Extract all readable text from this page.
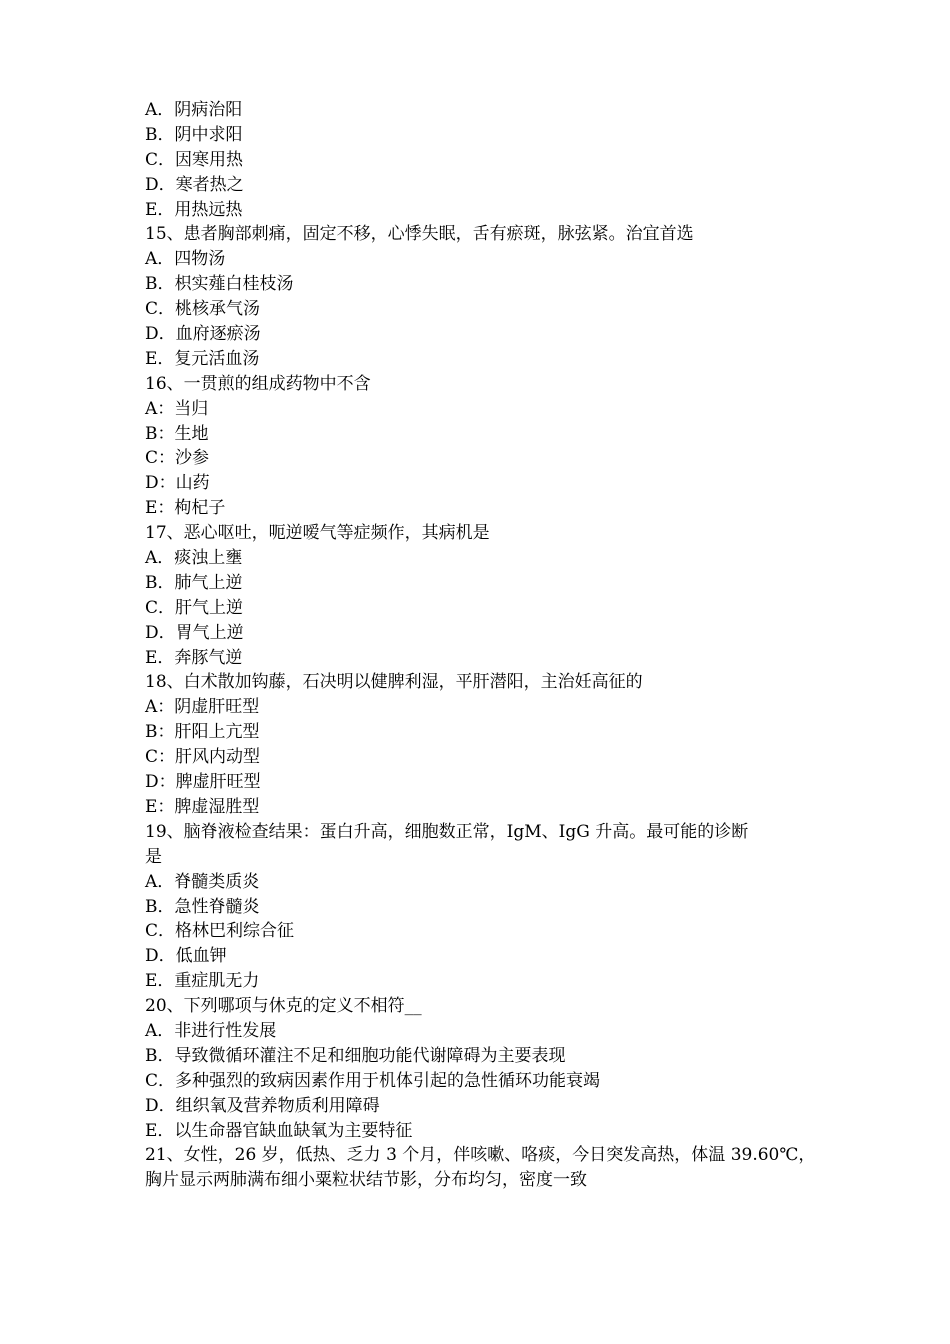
A．阴病治阳
B．阴中求阳
C．因寒用热
D．寒者热之
E．用热远热
15、患者胸部刺痛，固定不移，心悸失眠，舌有瘀斑，脉弦紧。治宜首选
A．四物汤
B．枳实薤白桂枝汤
C．桃核承气汤
D．血府逐瘀汤
E．复元活血汤
16、一贯煎的组成药物中不含
A：当归
B：生地
C：沙参
D：山药
E：枸杞子
17、恶心呕吐，呃逆嗳气等症频作，其病机是
A．痰浊上壅
B．肺气上逆
C．肝气上逆
D．胃气上逆
E．奔豚气逆
18、白术散加钩藤，石决明以健脾利湿，平肝潜阳，主治妊高征的
A：阴虚肝旺型
B：肝阳上亢型
C：肝风内动型
D：脾虚肝旺型
E：脾虚湿胜型
19、脑脊液检查结果：蛋白升高，细胞数正常，IgM、IgG 升高。最可能的诊断
是
A．脊髓类质炎
B．急性脊髓炎
C．格林巴利综合征
D．低血钾
E．重症肌无力
20、下列哪项与休克的定义不相符__
A．非进行性发展
B．导致微循环灌注不足和细胞功能代谢障碍为主要表现
C．多种强烈的致病因素作用于机体引起的急性循环功能衰竭
D．组织氧及营养物质利用障碍
E．以生命器官缺血缺氧为主要特征
21、女性，26 岁，低热、乏力 3 个月，伴咳嗽、咯痰，今日突发高热，体温 39.60℃，
胸片显示两肺满布细小粟粒状结节影，分布均匀，密度一致
